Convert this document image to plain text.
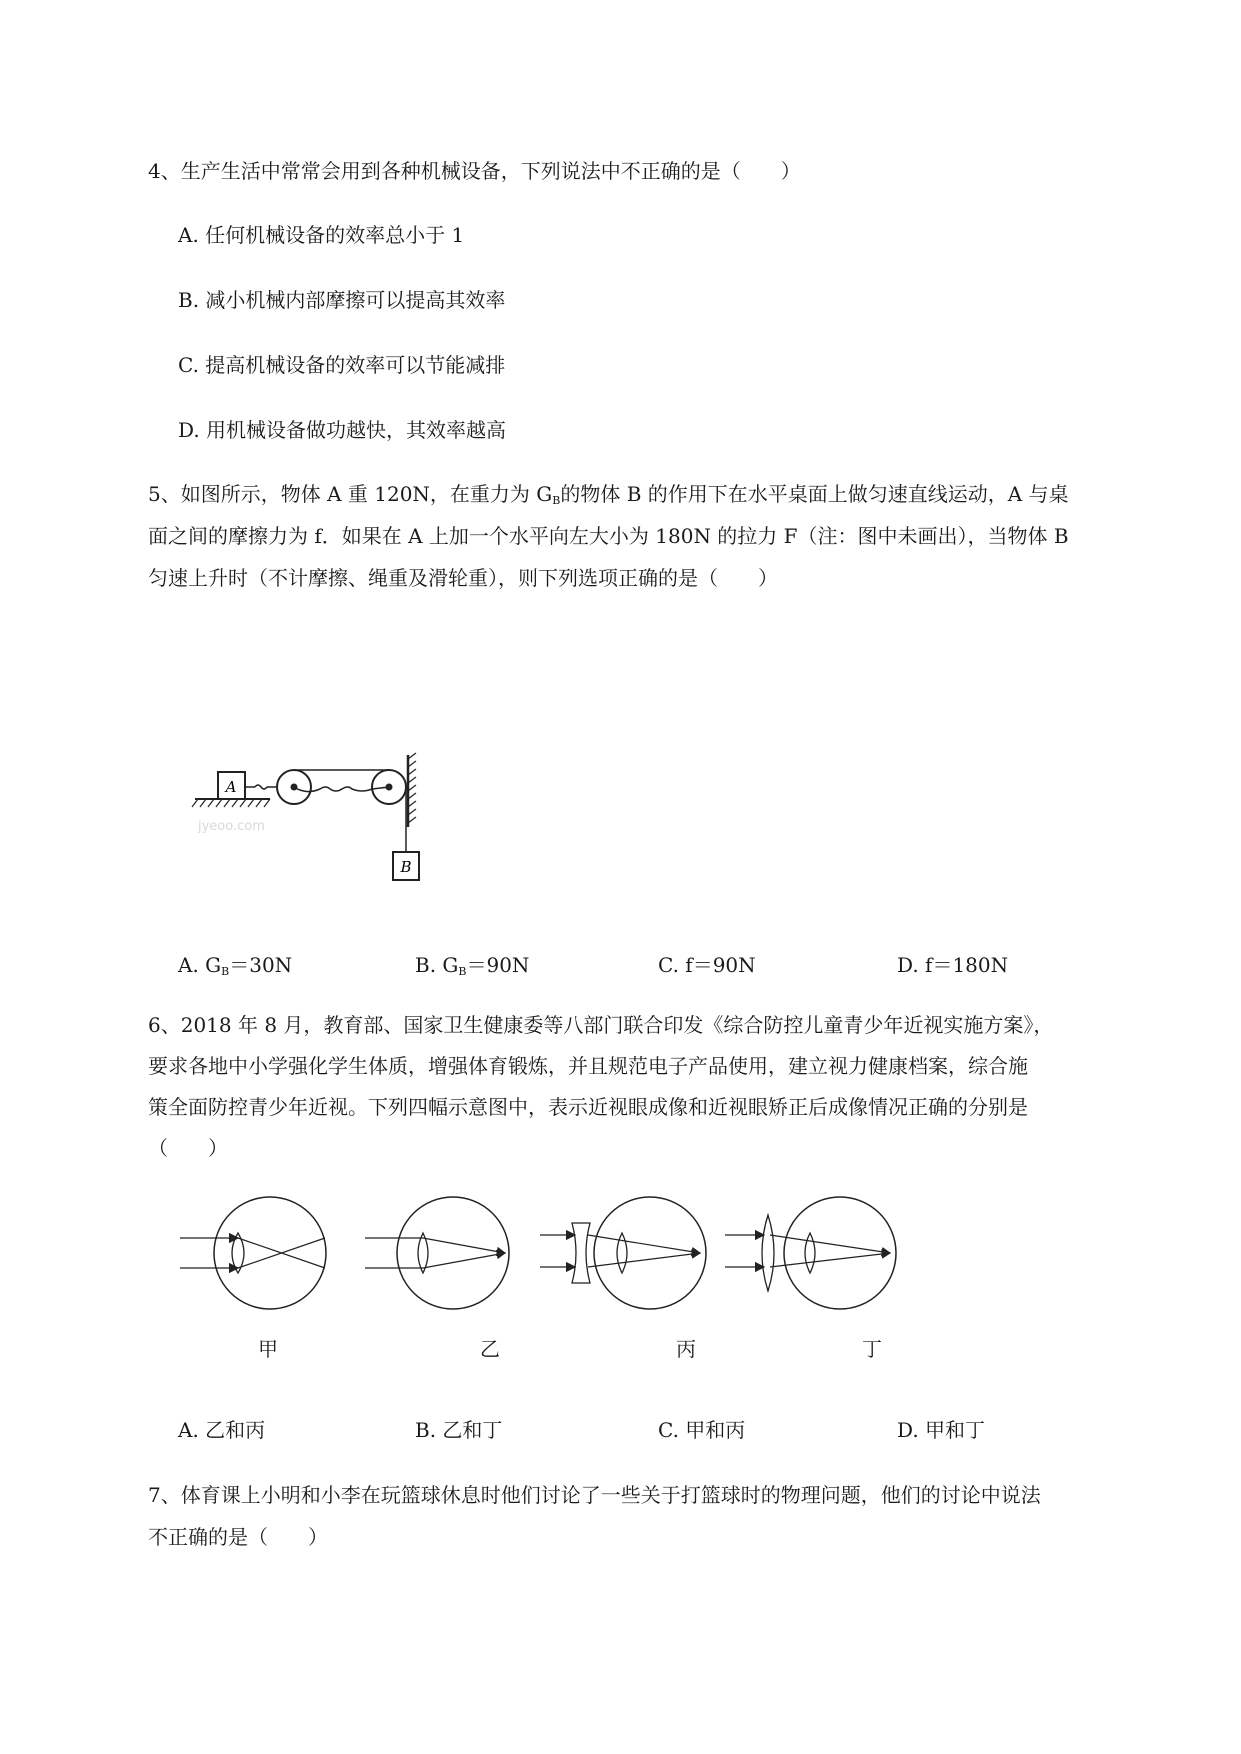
4、生产生活中常常会用到各种机械设备，下列说法中不正确的是（　　）
A. 任何机械设备的效率总小于 1
B. 减小机械内部摩擦可以提高其效率
C. 提高机械设备的效率可以节能减排
D. 用机械设备做功越快，其效率越高
5、如图所示，物体 A 重 120N，在重力为 $G_B$的物体 B 的作用下在水平桌面上做匀速直线运动，A 与桌
面之间的摩擦力为 f．如果在 A 上加一个水平向左大小为 180N 的拉力 F（注：图中未画出），当物体 B
匀速上升时（不计摩擦、绳重及滑轮重），则下列选项正确的是（　　）
A
B
jyeoo.com
A. $G_B=30N$	B. $G_B=90N$	C. f＝90N	D. f＝180N
6、2018 年 8 月，教育部、国家卫生健康委等八部门联合印发《综合防控儿童青少年近视实施方案》，
要求各地中小学强化学生体质，增强体育锻炼，并且规范电子产品使用，建立视力健康档案，综合施
策全面防控青少年近视。下列四幅示意图中，表示近视眼成像和近视眼矫正后成像情况正确的分别是
（　　）
甲	乙	丙	丁
A. 乙和丙	B. 乙和丁	C. 甲和丙	D. 甲和丁
7、体育课上小明和小李在玩篮球休息时他们讨论了一些关于打篮球时的物理问题，他们的讨论中说法
不正确的是（　　）
